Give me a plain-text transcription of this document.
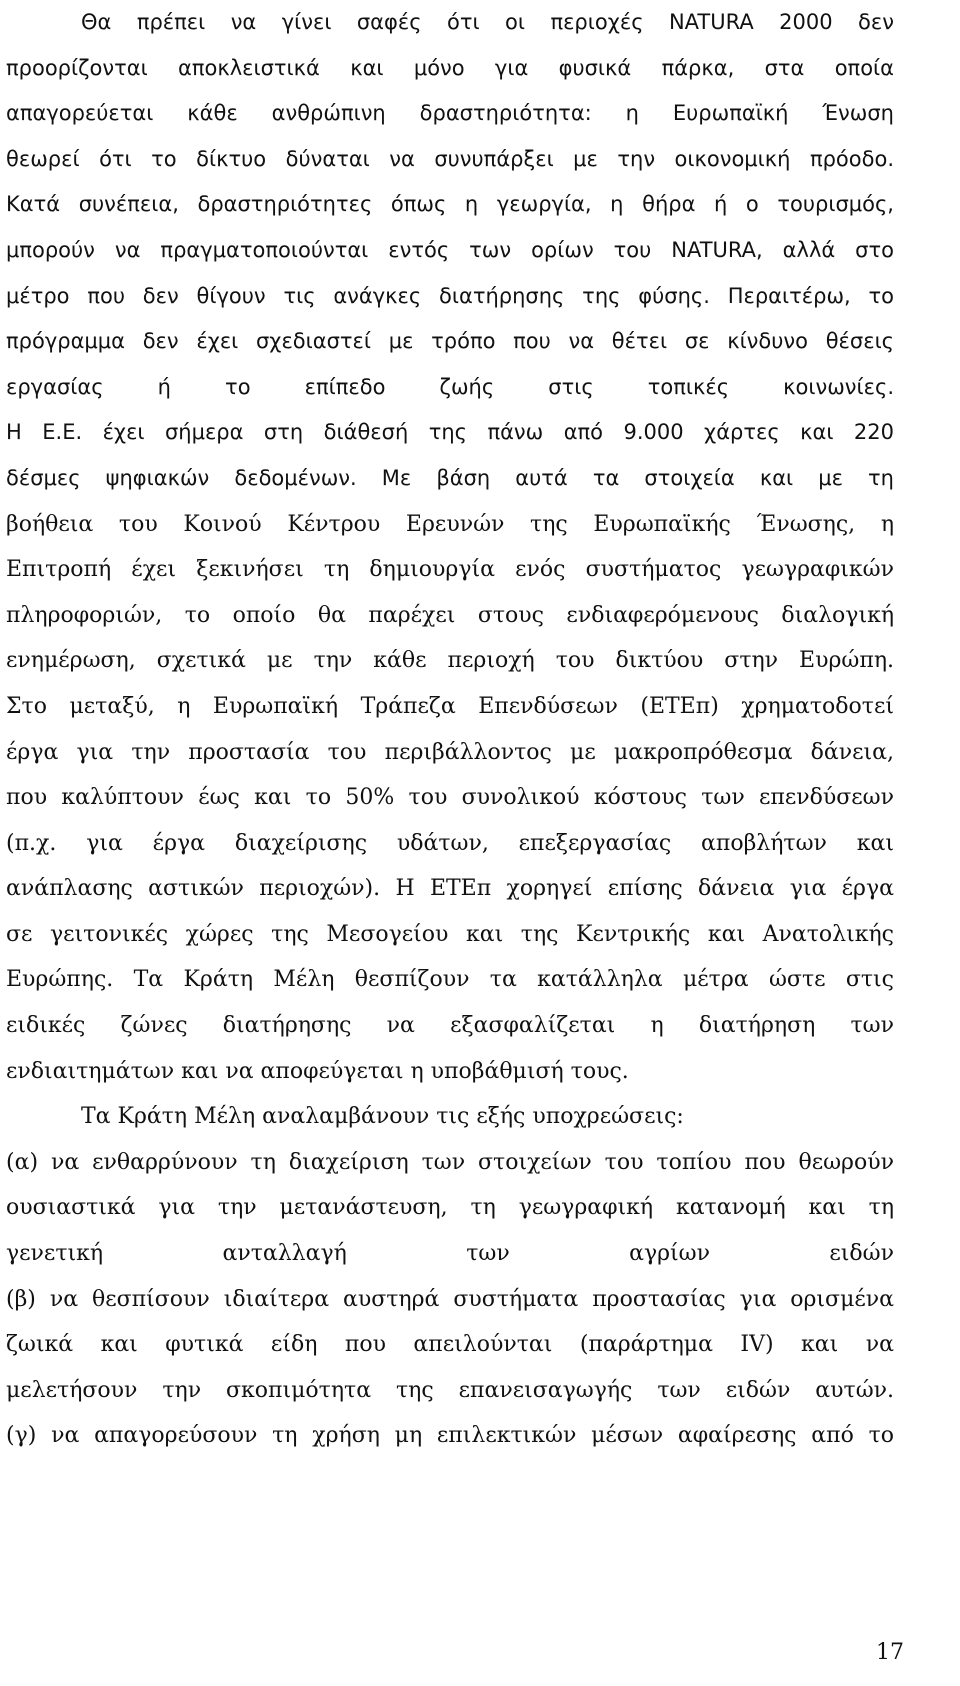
Θα πρέπει να γίνει σαφές ότι οι περιοχές NATURA 2000 δεν
προορίζονται αποκλειστικά και μόνο για φυσικά πάρκα, στα οποία
απαγορεύεται κάθε ανθρώπινη δραστηριότητα: η Ευρωπαϊκή Ένωση
θεωρεί ότι το δίκτυο δύναται να συνυπάρξει με την οικονομική πρόοδο.
Κατά συνέπεια, δραστηριότητες όπως η γεωργία, η θήρα ή ο τουρισμός,
μπορούν να πραγματοποιούνται εντός των ορίων του NATURA, αλλά στο
μέτρο που δεν θίγουν τις ανάγκες διατήρησης της φύσης. Περαιτέρω, το
πρόγραμμα δεν έχει σχεδιαστεί με τρόπο που να θέτει σε κίνδυνο θέσεις
εργασίας ή το επίπεδο ζωής στις τοπικές κοινωνίες.
Η Ε.Ε. έχει σήμερα στη διάθεσή της πάνω από 9.000 χάρτες και 220
δέσμες ψηφιακών δεδομένων. Με βάση αυτά τα στοιχεία και με τη
βοήθεια του Κοινού Κέντρου Ερευνών της Ευρωπαϊκής Ένωσης, η
Επιτροπή έχει ξεκινήσει τη δημιουργία ενός συστήματος γεωγραφικών
πληροφοριών, το οποίο θα παρέχει στους ενδιαφερόμενους διαλογική
ενημέρωση, σχετικά με την κάθε περιοχή του δικτύου στην Ευρώπη.
Στο μεταξύ, η Ευρωπαϊκή Τράπεζα Επενδύσεων (ΕΤΕπ) χρηματοδοτεί
έργα για την προστασία του περιβάλλοντος με μακροπρόθεσμα δάνεια,
που καλύπτουν έως και το 50% του συνολικού κόστους των επενδύσεων
(π.χ. για έργα διαχείρισης υδάτων, επεξεργασίας αποβλήτων και
ανάπλασης αστικών περιοχών). Η ΕΤΕπ χορηγεί επίσης δάνεια για έργα
σε γειτονικές χώρες της Μεσογείου και της Κεντρικής και Ανατολικής
Ευρώπης. Τα Κράτη Μέλη θεσπίζουν τα κατάλληλα μέτρα ώστε στις
ειδικές ζώνες διατήρησης να εξασφαλίζεται η διατήρηση των
ενδιαιτημάτων και να αποφεύγεται η υποβάθμισή τους.
Τα Κράτη Μέλη αναλαμβάνουν τις εξής υποχρεώσεις:
(α) να ενθαρρύνουν τη διαχείριση των στοιχείων του τοπίου που θεωρούν
ουσιαστικά για την μετανάστευση, τη γεωγραφική κατανομή και τη
γενετική ανταλλαγή των αγρίων ειδών
(β) να θεσπίσουν ιδιαίτερα αυστηρά συστήματα προστασίας για ορισμένα
ζωικά και φυτικά είδη που απειλούνται (παράρτημα IV) και να
μελετήσουν την σκοπιμότητα της επανεισαγωγής των ειδών αυτών.
(γ) να απαγορεύσουν τη χρήση μη επιλεκτικών μέσων αφαίρεσης από το
17
